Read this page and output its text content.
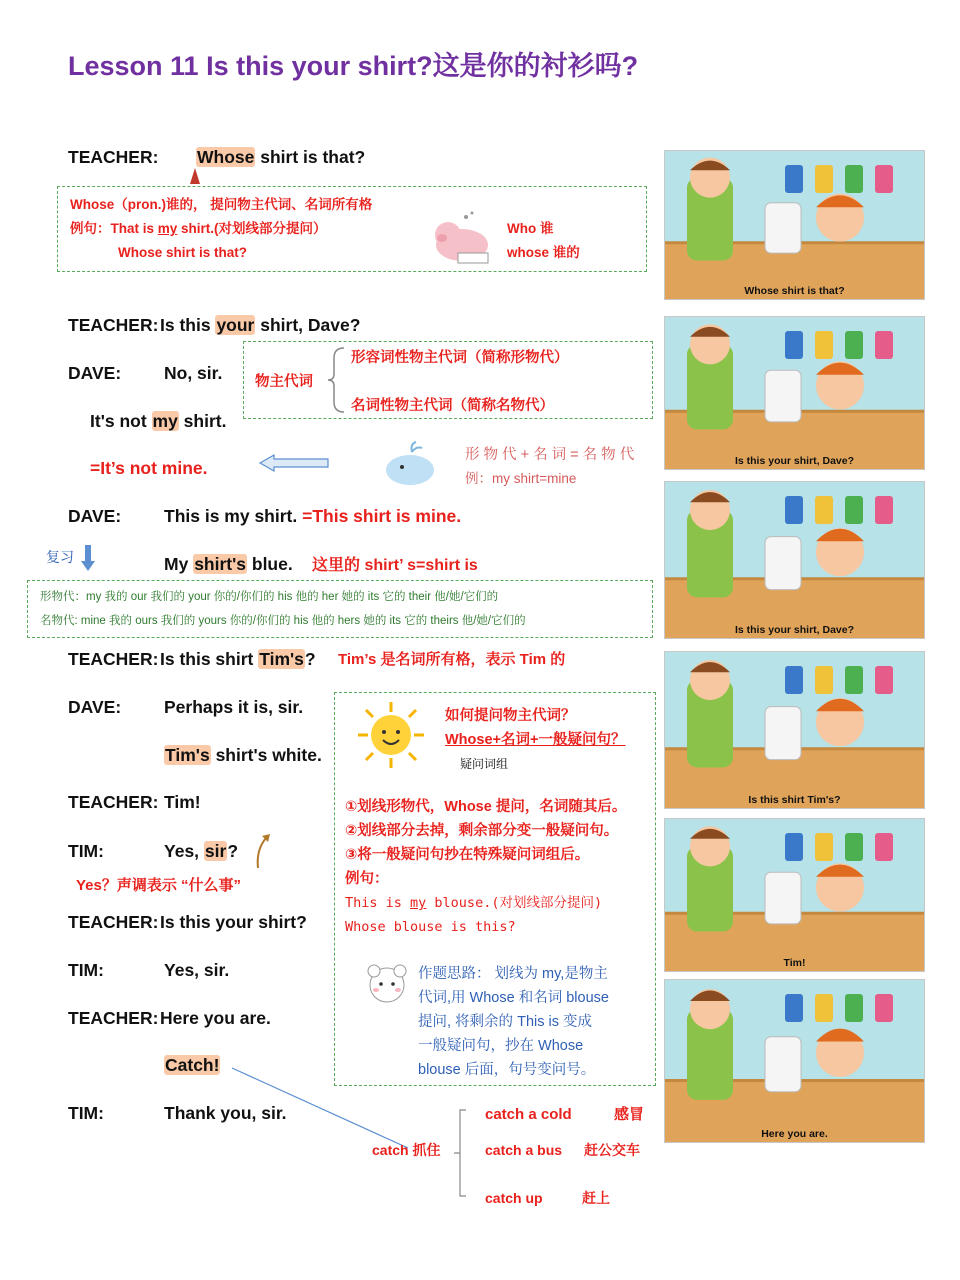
Lesson 11 Is this your shirt?这是你的衬衫吗?
TEACHER: Whose shirt is that?
TEACHER: Is this your shirt, Dave?
DAVE: No, sir.
It's not my shirt.
=It’s not mine.
DAVE: This is my shirt. =This shirt is mine.
My shirt's blue.
TEACHER: Is this shirt Tim's?
DAVE: Perhaps it is, sir.
Tim's shirt's white.
TEACHER: Tim!
TIM:	Yes, sir?
TEACHER: Is this your shirt?
TIM:	Yes, sir.
TEACHER: Here you are.
Catch!
TIM:	Thank you, sir.
Whose（pron.)谁的， 提问物主代词、名词所有格
例句：That is my shirt.(对划线部分提问）
Whose shirt is that?
Who 谁
whose 谁的
物主代词
形容词性物主代词（简称形物代）
名词性物主代词（简称名物代）
形 物 代 + 名 词 = 名 物 代
例：my shirt=mine
复习	这里的 shirt’ s=shirt is
形物代：my 我的 our 我们的 your 你的/你们的 his 他的 her 她的 its 它的 their 他/她/它们的
名物代: mine 我的 ours 我们的 yours 你的/你们的 his 他的 hers 她的 its 它的 theirs 他/她/它们的
Tim’s 是名词所有格，表示 Tim 的
Yes？声调表示 “什么事”
如何提问物主代词？
Whose+名词+一般疑问句？
疑问词组
①划线形物代，Whose 提问，名词随其后。
②划线部分去掉，剩余部分变一般疑问句。
③将一般疑问句抄在特殊疑问词组后。
例句：
This is my blouse.(对划线部分提问)
Whose blouse is this?
作题思路： 划线为 my,是物主
代词,用 Whose 和名词 blouse
提问, 将剩余的 This is 变成
一般疑问句，抄在 Whose
blouse 后面，句号变问号。
catch 抓住
catch a cold	感冒
catch a bus 赶公交车
catch up	赶上
Whose shirt is that?
Is this your shirt, Dave?
Is this your shirt, Dave?
Is this shirt Tim's?
Tim!
Here you are.
